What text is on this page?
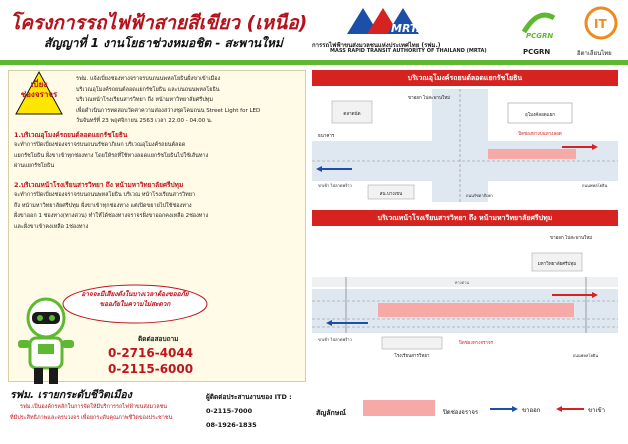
โครงการรถไฟฟ้าสายสีเขียว (เหนือ)
สัญญาที่ 1 งานโยธาช่วงหมอชิต - สะพานใหม่
MRTA
การรถไฟฟ้าขนส่งมวลชนแห่งประเทศไทย (รฟม.)
MASS RAPID TRANSIT AUTHORITY OF THAILAND (MRTA)
PCGRN
PCGRN
IT
อิตาเลียนไทย
เบี่ยง
ช่องจราจร
รฟม. แจ้งเบี่ยงช่องทางจราจรบนถนนพหลโยธินฝั่งขาเข้าเมือง
บริเวณอุโมงค์รถยนต์ลอดแยกรัชโยธิน และบนถนนพหลโยธิน
บริเวณหน้าโรงเรียนสารวิทยา ถึง หน้ามหาวิทยาลัยศรีปทุม
เพื่อดำเนินการทดสอบวัดค่าความส่องสว่างชุดโคมถนน Street Light for LED
วันจันทร์ที่ 23 พฤศจิกายน 2563 เวลา 22.00 - 04.00 น.
1.บริเวณอุโมงค์รถยนต์ลอดแยกรัชโยธิน
จะทำการปิดเบี่ยงช่องจราจรบนถนนรัชดาภิเษก บริเวณอุโมงค์รถยนต์ลอด
แยกรัชโยธิน ฝั่งขาเข้าทุกช่องทาง โดยให้รถที่ใช้ทางลอดแยกรัชโยธินไปใช้เส้นทาง
ผ่านแยกรัชโยธิน
2.บริเวณหน้าโรงเรียนสารวิทยา ถึง หน้ามหาวิทยาลัยศรีปทุม
จะทำการปิดเบี่ยงช่องจราจรบนถนนพหลโยธิน บริเวณ หน้าโรงเรียนสารวิทยา
ถึง หน้ามหาวิทยาลัยศรีปทุม ฝั่งขาเข้าทุกช่องทาง แต่เปิดขยายไปใช้ช่องทาง
ฝั่งขาออก 1 ช่องทาง(ทางด่วน) ทำให้ได้ช่องทางจราจรฝั่งขาออกคงเหลือ 2ช่องทาง
และฝั่งขาเข้าคงเหลือ 1ช่องทาง
อาจจะมีเสียงดังในบางเวลาต้องขออภัย
ขออภัยในความไม่สะดวก
ติดต่อสอบถาม
0-2716-4044
0-2115-6000
รฟม. เรายกระดับชีวิตเมือง
รฟม.เป็นองค์กรหลักในการจัดให้มีบริการรถไฟฟ้าขนส่งมวลชน
ที่มีประสิทธิภาพและครบวงจร เพื่อยกระดับคุณภาพชีวิตของประชาชน
ผู้ติดต่อประสานงานของ ITD :
0-2115-7000
08-1926-1835
บริเวณอุโมงค์รถยนต์ลอดแยกรัชโยธิน
ขาออก ไปสะพานใหม่
ปิดช่องทางบนทางลอด
อุโมงค์ลอดแยก
ตลาดนัด
ธนาคาร
สน.บางเขน
ขาเข้า ไปลาดพร้าว
ถนนรัชดาภิเษก
ถนนพหลโยธิน
บริเวณหน้าโรงเรียนสารวิทยา ถึง หน้ามหาวิทยาลัยศรีปทุม
ขาออก ไปสะพานใหม่
โรงเรียนสารวิทยา
ปิดช่องทางจราจร
มหาวิทยาลัยศรีปทุม
ขาเข้า ไปลาดพร้าว
ทางด่วน
ถนนพหลโยธิน
สัญลักษณ์	ปิดช่องจราจร	ขาออก	ขาเข้า
